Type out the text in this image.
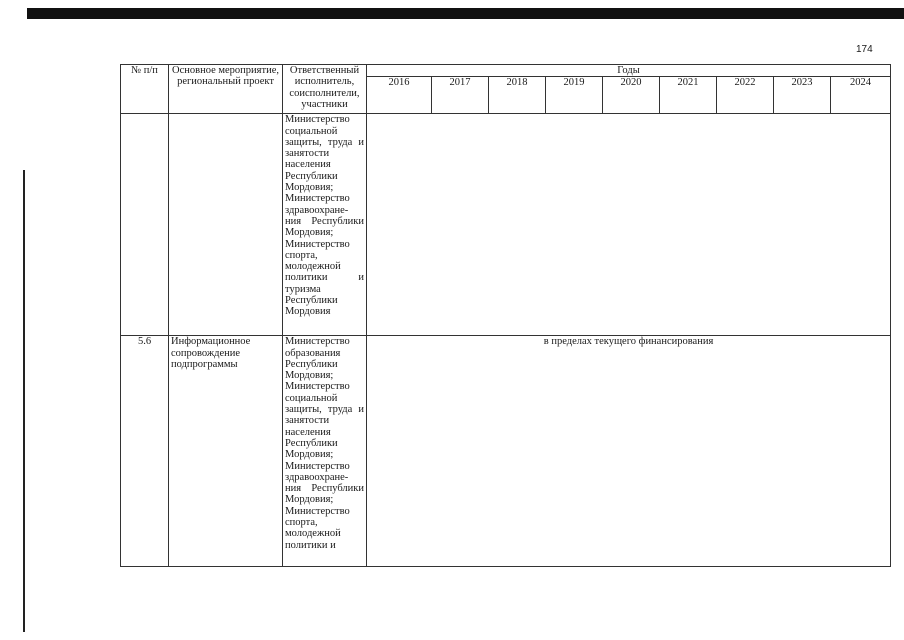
174
№ п/п	Основное мероприятие, региональный проект	Ответственный исполнитель, соисполнители, участники	Годы								
			2016	2017	2018	2019	2020	2021	2022	2023	2024
		Министерство социальной защиты, труда и занятости населения Республики Мордовия; Министерство здравоохране-ния Республики Мордовия; Министерство спорта, молодежной политики и туризма Республики Мордовия									
5.6	Информационное сопровождение подпрограммы	Министерство образования Республики Мордовия; Министерство социальной защиты, труда и занятости населения Республики Мордовия; Министерство здравоохране-ния Республики Мордовия; Министерство спорта, молодежной политики и	в пределах текущего финансирования								
